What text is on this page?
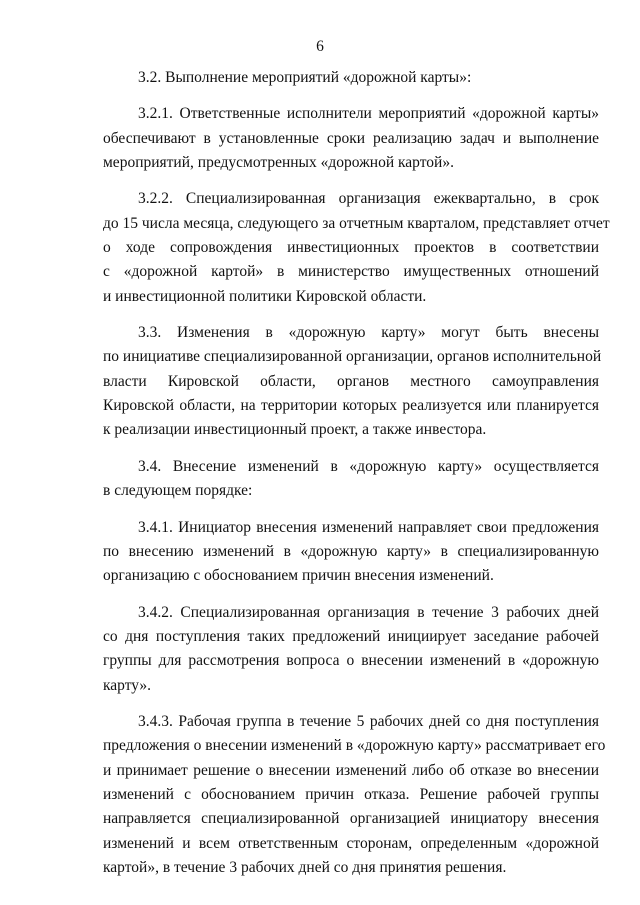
6

3.2. Выполнение мероприятий «дорожной карты»:

3.2.1. Ответственные исполнители мероприятий «дорожной карты»
обеспечивают в установленные сроки реализацию задач и выполнение
мероприятий, предусмотренных «дорожной картой».

3.2.2. Специализированная организация ежеквартально, в срок
до 15 числа месяца, следующего за отчетным кварталом, представляет отчет
о ходе сопровождения инвестиционных проектов в соответствии
с «дорожной картой» в министерство имущественных отношений
и инвестиционной политики Кировской области.

3.3. Изменения в «дорожную карту» могут быть внесены
по инициативе специализированной организации, органов исполнительной
власти Кировской области, органов местного самоуправления
Кировской области, на территории которых реализуется или планируется
к реализации инвестиционный проект, а также инвестора.

3.4. Внесение изменений в «дорожную карту» осуществляется
в следующем порядке:

3.4.1. Инициатор внесения изменений направляет свои предложения
по внесению изменений в «дорожную карту» в специализированную
организацию с обоснованием причин внесения изменений.

3.4.2. Специализированная организация в течение 3 рабочих дней
со дня поступления таких предложений инициирует заседание рабочей
группы для рассмотрения вопроса о внесении изменений в «дорожную
карту».

3.4.3. Рабочая группа в течение 5 рабочих дней со дня поступления
предложения о внесении изменений в «дорожную карту» рассматривает его
и принимает решение о внесении изменений либо об отказе во внесении
изменений с обоснованием причин отказа. Решение рабочей группы
направляется специализированной организацией инициатору внесения
изменений и всем ответственным сторонам, определенным «дорожной
картой», в течение 3 рабочих дней со дня принятия решения.
